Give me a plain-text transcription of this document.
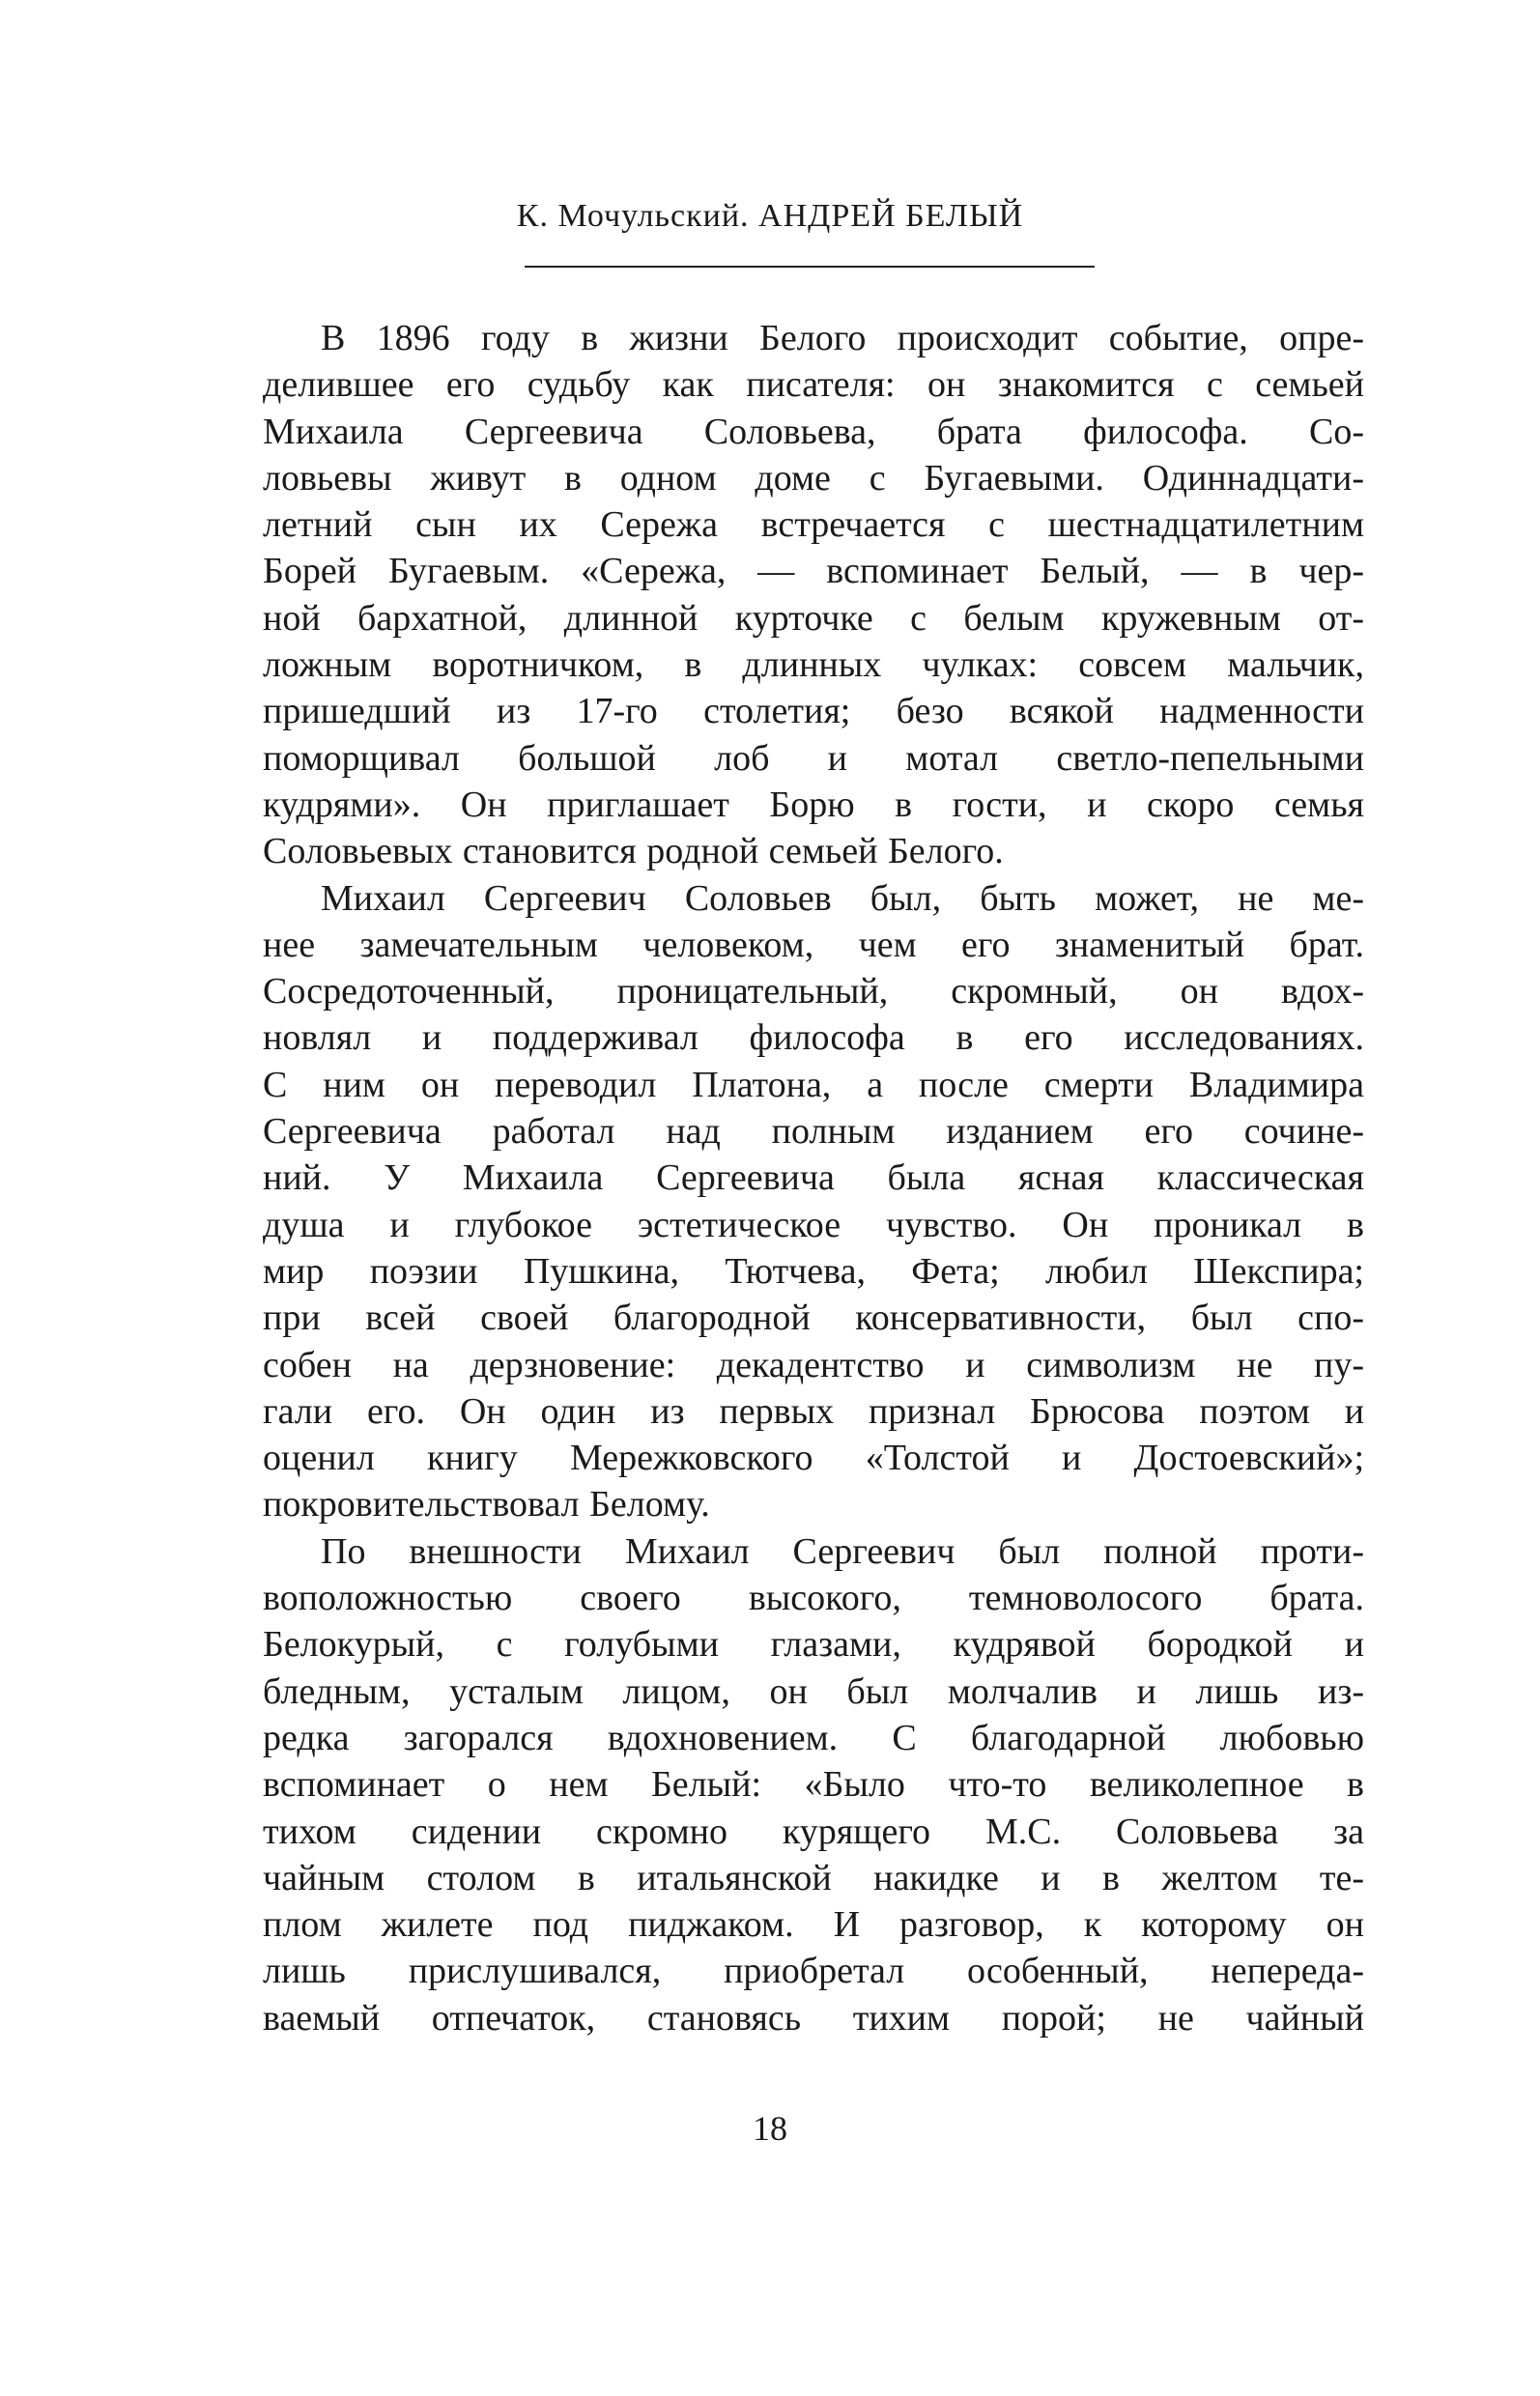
К. Мочульский. АНДРЕЙ БЕЛЫЙ

В 1896 году в жизни Белого происходит событие, опре-
делившее его судьбу как писателя: он знакомится с семьей
Михаила Сергеевича Соловьева, брата философа. Со-
ловьевы живут в одном доме с Бугаевыми. Одиннадцати-
летний сын их Сережа встречается с шестнадцатилетним
Борей Бугаевым. «Сережа, — вспоминает Белый, — в чер-
ной бархатной, длинной курточке с белым кружевным от-
ложным воротничком, в длинных чулках: совсем мальчик,
пришедший из 17-го столетия; безо всякой надменности
поморщивал большой лоб и мотал светло-пепельными
кудрями». Он приглашает Борю в гости, и скоро семья
Соловьевых становится родной семьей Белого.

Михаил Сергеевич Соловьев был, быть может, не ме-
нее замечательным человеком, чем его знаменитый брат.
Сосредоточенный, проницательный, скромный, он вдох-
новлял и поддерживал философа в его исследованиях.
С ним он переводил Платона, а после смерти Владимира
Сергеевича работал над полным изданием его сочине-
ний. У Михаила Сергеевича была ясная классическая
душа и глубокое эстетическое чувство. Он проникал в
мир поэзии Пушкина, Тютчева, Фета; любил Шекспира;
при всей своей благородной консервативности, был спо-
собен на дерзновение: декадентство и символизм не пу-
гали его. Он один из первых признал Брюсова поэтом и
оценил книгу Мережковского «Толстой и Достоевский»;
покровительствовал Белому.

По внешности Михаил Сергеевич был полной проти-
воположностью своего высокого, темноволосого брата.
Белокурый, с голубыми глазами, кудрявой бородкой и
бледным, усталым лицом, он был молчалив и лишь из-
редка загорался вдохновением. С благодарной любовью
вспоминает о нем Белый: «Было что-то великолепное в
тихом сидении скромно курящего М.С. Соловьева за
чайным столом в итальянской накидке и в желтом те-
плом жилете под пиджаком. И разговор, к которому он
лишь прислушивался, приобретал особенный, непереда-
ваемый отпечаток, становясь тихим порой; не чайный

18
